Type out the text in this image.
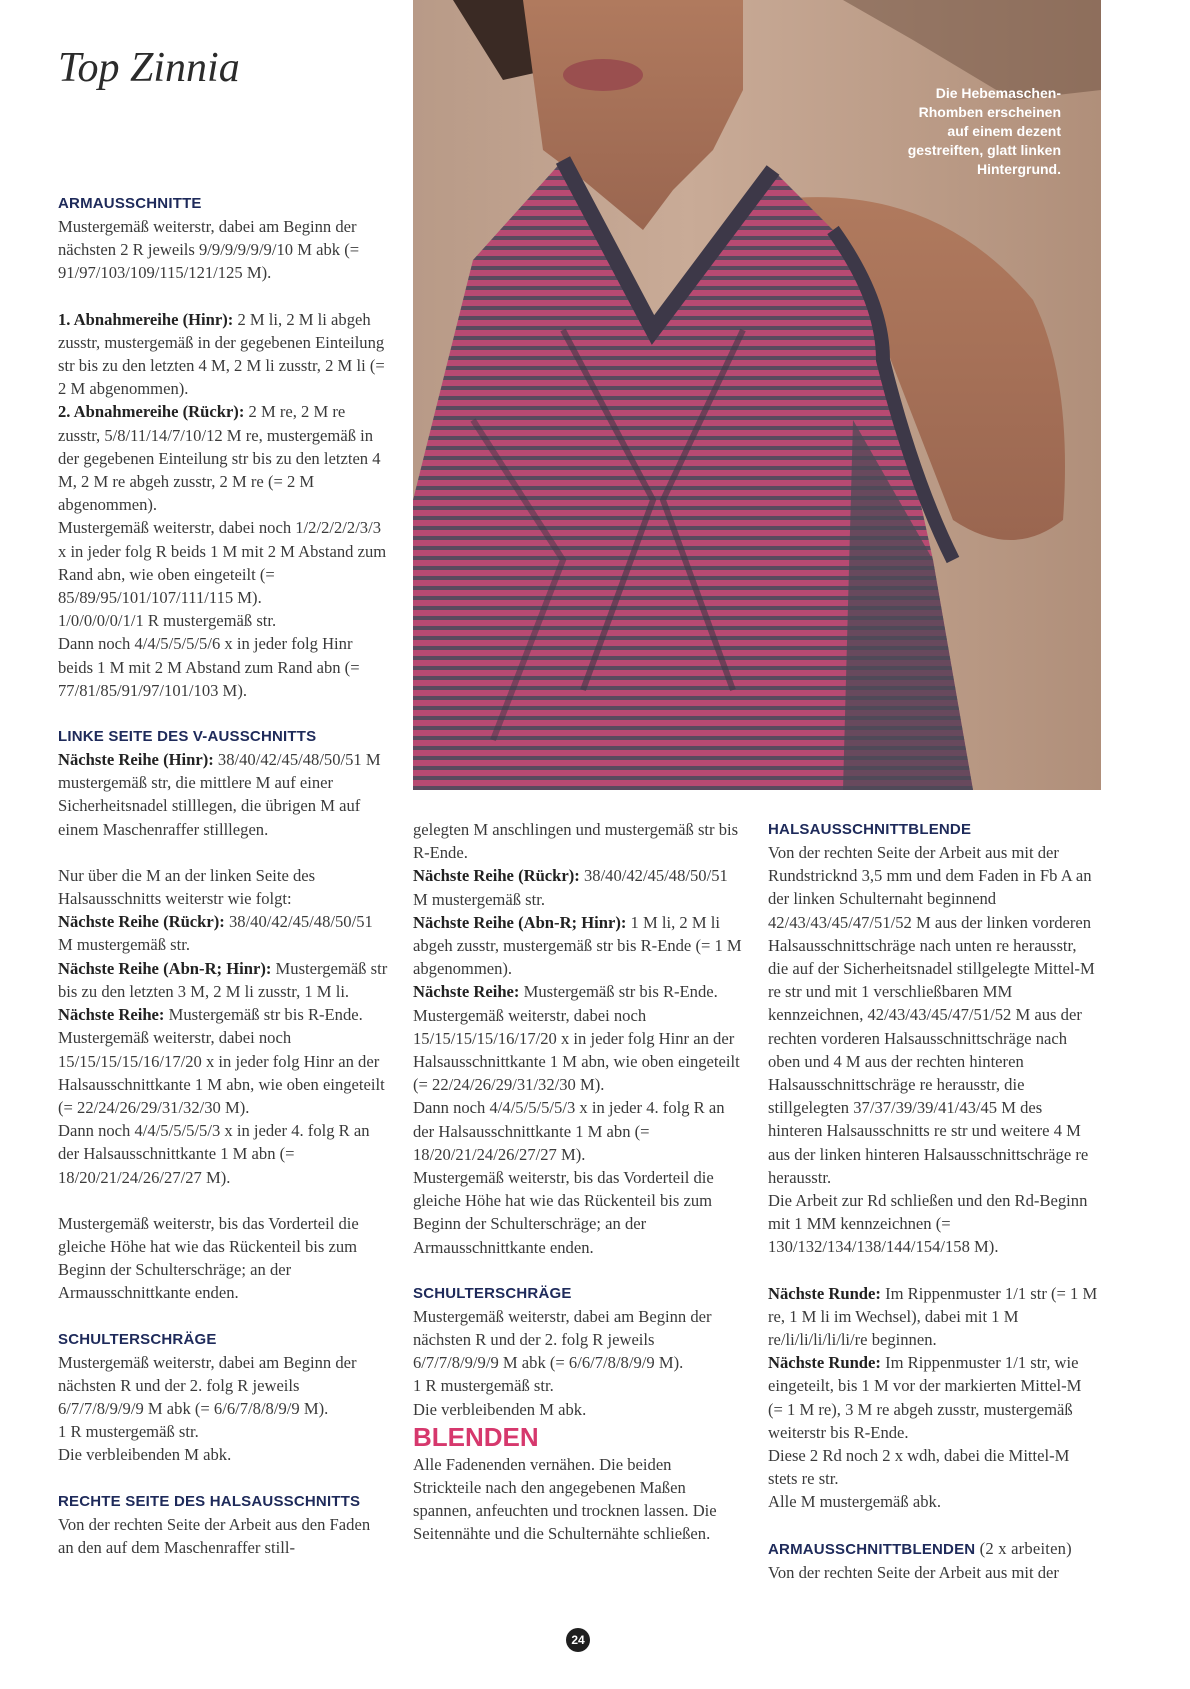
Top Zinnia
Die Hebemaschen-Rhomben erscheinen auf einem dezent gestreiften, glatt linken Hintergrund.

ARMAUSSCHNITTE

Mustergemäß weiterstr, dabei am Beginn der nächsten 2 R jeweils 9/9/9/9/9/9/10 M abk (= 91/97/103/109/115/121/125 M).

1. Abnahmereihe (Hinr): 2 M li, 2 M li abgeh zusstr, mustergemäß in der gegebenen Einteilung str bis zu den letzten 4 M, 2 M li zusstr, 2 M li (= 2 M abgenommen).

2. Abnahmereihe (Rückr): 2 M re, 2 M re zusstr, 5/8/11/14/7/10/12 M re, mustergemäß in der gegebenen Einteilung str bis zu den letzten 4 M, 2 M re abgeh zusstr, 2 M re (= 2 M abgenommen).

Mustergemäß weiterstr, dabei noch 1/2/2/2/2/3/3 x in jeder folg R beids 1 M mit 2 M Abstand zum Rand abn, wie oben eingeteilt (= 85/89/95/101/107/111/115 M).

1/0/0/0/0/1/1 R mustergemäß str.

Dann noch 4/4/5/5/5/5/6 x in jeder folg Hinr beids 1 M mit 2 M Abstand zum Rand abn (= 77/81/85/91/97/101/103 M).

LINKE SEITE DES V-AUSSCHNITTS

Nächste Reihe (Hinr): 38/40/42/45/48/50/51 M mustergemäß str, die mittlere M auf einer Sicherheitsnadel stilllegen, die übrigen M auf einem Maschenraffer stilllegen.

Nur über die M an der linken Seite des Halsausschnitts weiterstr wie folgt:

Nächste Reihe (Rückr): 38/40/42/45/48/50/51 M mustergemäß str.

Nächste Reihe (Abn-R; Hinr): Mustergemäß str bis zu den letzten 3 M, 2 M li zusstr, 1 M li.

Nächste Reihe: Mustergemäß str bis R-Ende.

Mustergemäß weiterstr, dabei noch 15/15/15/15/16/17/20 x in jeder folg Hinr an der Halsausschnittkante 1 M abn, wie oben eingeteilt (= 22/24/26/29/31/32/30 M).

Dann noch 4/4/5/5/5/5/3 x in jeder 4. folg R an der Halsausschnittkante 1 M abn (= 18/20/21/24/26/27/27 M).

Mustergemäß weiterstr, bis das Vorderteil die gleiche Höhe hat wie das Rückenteil bis zum Beginn der Schulterschräge; an der Armausschnittkante enden.

SCHULTERSCHRÄGE

Mustergemäß weiterstr, dabei am Beginn der nächsten R und der 2. folg R jeweils 6/7/7/8/9/9/9 M abk (= 6/6/7/8/8/9/9 M).

1 R mustergemäß str.

Die verbleibenden M abk.

RECHTE SEITE DES HALSAUSSCHNITTS

Von der rechten Seite der Arbeit aus den Faden an den auf dem Maschenraffer still-

gelegten M anschlingen und mustergemäß str bis R-Ende.

Nächste Reihe (Rückr): 38/40/42/45/48/50/51 M mustergemäß str.

Nächste Reihe (Abn-R; Hinr): 1 M li, 2 M li abgeh zusstr, mustergemäß str bis R-Ende (= 1 M abgenommen).

Nächste Reihe: Mustergemäß str bis R-Ende.

Mustergemäß weiterstr, dabei noch 15/15/15/15/16/17/20 x in jeder folg Hinr an der Halsausschnittkante 1 M abn, wie oben eingeteilt (= 22/24/26/29/31/32/30 M).

Dann noch 4/4/5/5/5/5/3 x in jeder 4. folg R an der Halsausschnittkante 1 M abn (= 18/20/21/24/26/27/27 M).

Mustergemäß weiterstr, bis das Vorderteil die gleiche Höhe hat wie das Rückenteil bis zum Beginn der Schulterschräge; an der Armausschnittkante enden.

SCHULTERSCHRÄGE

Mustergemäß weiterstr, dabei am Beginn der nächsten R und der 2. folg R jeweils 6/7/7/8/9/9/9 M abk (= 6/6/7/8/8/9/9 M).

1 R mustergemäß str.

Die verbleibenden M abk.

BLENDEN

Alle Fadenenden vernähen. Die beiden Strickteile nach den angegebenen Maßen spannen, anfeuchten und trocknen lassen. Die Seitennähte und die Schulternähte schließen.

HALSAUSSCHNITTBLENDE

Von der rechten Seite der Arbeit aus mit der Rundstricknd 3,5 mm und dem Faden in Fb A an der linken Schulternaht beginnend 42/43/43/45/47/51/52 M aus der linken vorderen Halsausschnittschräge nach unten re herausstr, die auf der Sicherheitsnadel stillgelegte Mittel-M re str und mit 1 verschließbaren MM kennzeichnen, 42/43/43/45/47/51/52 M aus der rechten vorderen Halsausschnittschräge nach oben und 4 M aus der rechten hinteren Halsausschnittschräge re herausstr, die stillgelegten 37/37/39/39/41/43/45 M des hinteren Halsausschnitts re str und weitere 4 M aus der linken hinteren Halsausschnittschräge re herausstr.

Die Arbeit zur Rd schließen und den Rd-Beginn mit 1 MM kennzeichnen (= 130/132/134/138/144/154/158 M).

Nächste Runde: Im Rippenmuster 1/1 str (= 1 M re, 1 M li im Wechsel), dabei mit 1 M re/li/li/li/li/li/re beginnen.

Nächste Runde: Im Rippenmuster 1/1 str, wie eingeteilt, bis 1 M vor der markierten Mittel-M (= 1 M re), 3 M re abgeh zusstr, mustergemäß weiterstr bis R-Ende.

Diese 2 Rd noch 2 x wdh, dabei die Mittel-M stets re str.

Alle M mustergemäß abk.

ARMAUSSCHNITTBLENDEN (2 x arbeiten)

Von der rechten Seite der Arbeit aus mit der

24
